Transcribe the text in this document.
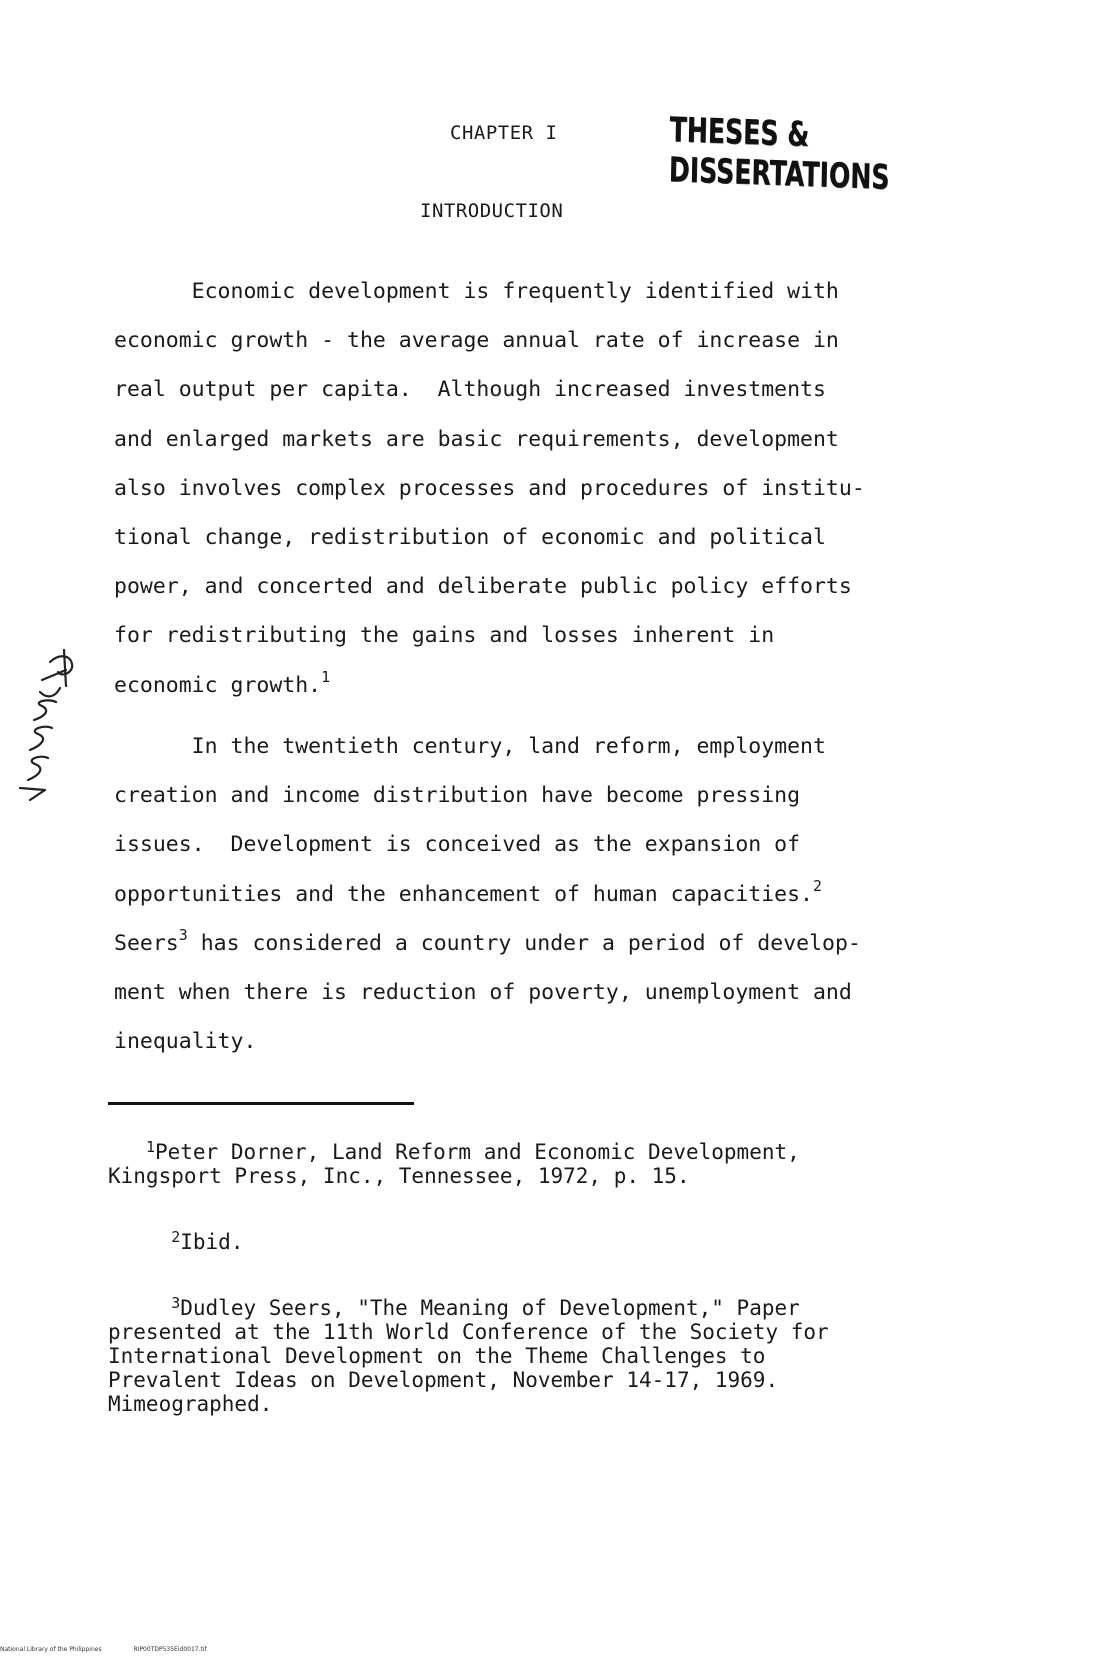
CHAPTER I	THESES & DISSERTATIONS
INTRODUCTION
Economic development is frequently identified with
economic growth - the average annual rate of increase in
real output per capita.  Although increased investments
and enlarged markets are basic requirements, development
also involves complex processes and procedures of institu-
tional change, redistribution of economic and political
power, and concerted and deliberate public policy efforts
for redistributing the gains and losses inherent in
economic growth.$^1$
In the twentieth century, land reform, employment
creation and income distribution have become pressing
issues.  Development is conceived as the expansion of
opportunities and the enhancement of human capacities.$^2$
Seers$^3$ has considered a country under a period of develop-
ment when there is reduction of poverty, unemployment and
inequality.
$^1$Peter Dorner, Land Reform and Economic Development,
Kingsport Press, Inc., Tennessee, 1972, p. 15.
$^2$Ibid.
$^3$Dudley Seers, "The Meaning of Development," Paper
presented at the 11th World Conference of the Society for
International Development on the Theme Challenges to
Prevalent Ideas on Development, November 14-17, 1969.
Mimeographed.
National Library of the Philippines	RIP00TDP535Eid0017.tif
